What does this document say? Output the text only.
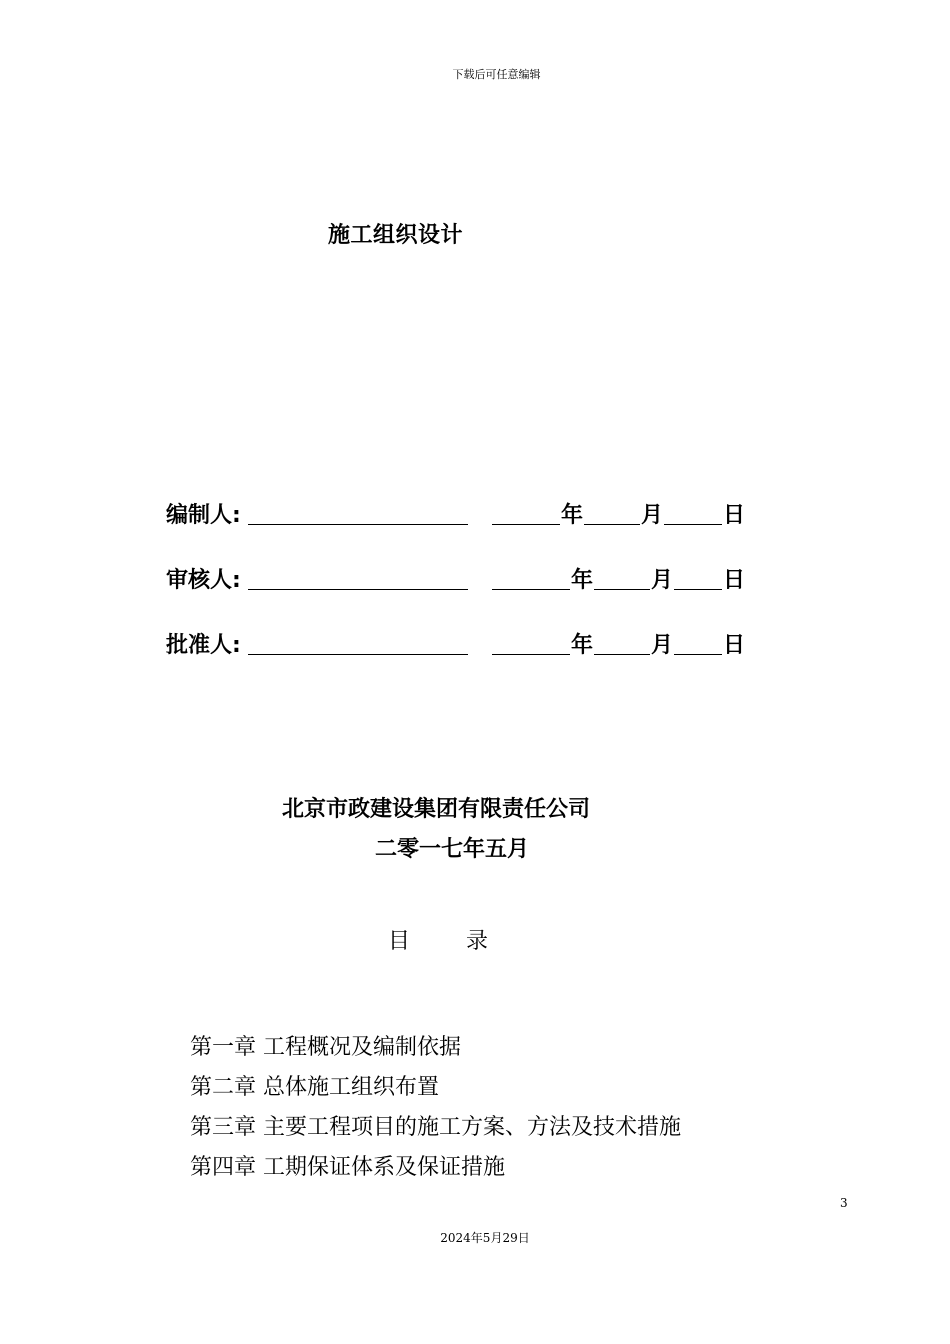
下载后可任意编辑
施工组织设计
编制人:	年	月	日
审核人:	年	月 日
批准人:	年	月 日
北京市政建设集团有限责任公司
二零一七年五月
目	录
第一章 工程概况及编制依据
第二章 总体施工组织布置
第三章 主要工程项目的施工方案、方法及技术措施
第四章 工期保证体系及保证措施
3
2024年5月29日
